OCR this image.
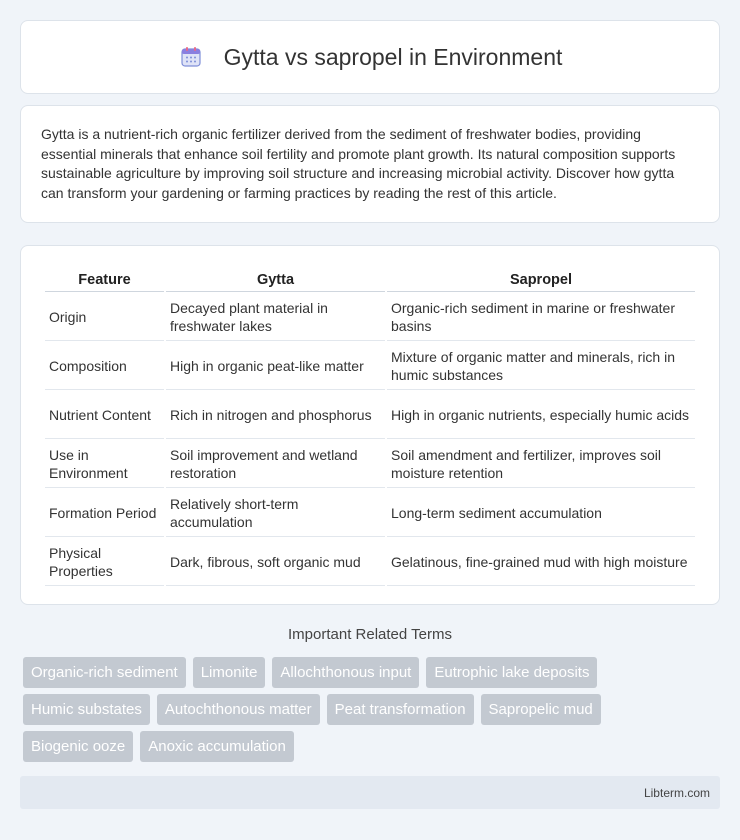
Gytta vs sapropel in Environment

Gytta is a nutrient-rich organic fertilizer derived from the sediment of freshwater bodies, providing essential minerals that enhance soil fertility and promote plant growth. Its natural composition supports sustainable agriculture by improving soil structure and increasing microbial activity. Discover how gytta can transform your gardening or farming practices by reading the rest of this article.

Feature	Gytta	Sapropel
Origin	Decayed plant material in freshwater lakes	Organic-rich sediment in marine or freshwater basins
Composition	High in organic peat-like matter	Mixture of organic matter and minerals, rich in humic substances
Nutrient Content	Rich in nitrogen and phosphorus	High in organic nutrients, especially humic acids
Use in Environment	Soil improvement and wetland restoration	Soil amendment and fertilizer, improves soil moisture retention
Formation Period	Relatively short-term accumulation	Long-term sediment accumulation
Physical Properties	Dark, fibrous, soft organic mud	Gelatinous, fine-grained mud with high moisture
Important Related Terms
Organic-rich sediment	Limonite	Allochthonous input	Eutrophic lake deposits
Humic substates	Autochthonous matter	Peat transformation	Sapropelic mud
Biogenic ooze	Anoxic accumulation
Libterm.com
